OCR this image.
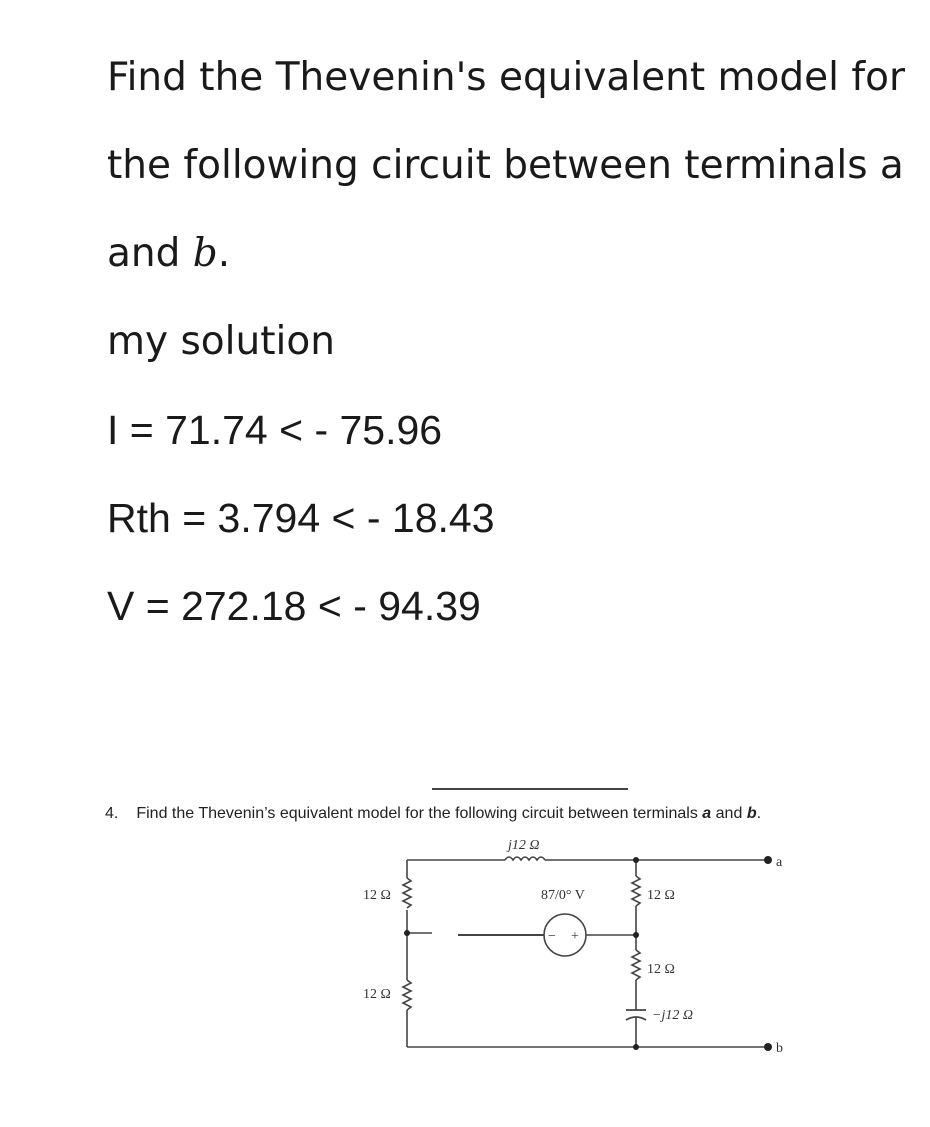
Find the Thevenin's equivalent model for
the following circuit between terminals a
and b.
my solution
I = 71.74 < - 75.96
Rth = 3.794 < - 18.43
V = 272.18 < - 94.39
4. Find the Thevenin’s equivalent model for the following circuit between terminals a and b.
j12 Ω
12 Ω
12 Ω
87/0° V	12 Ω
12 Ω
−j12 Ω
a
b
− +
